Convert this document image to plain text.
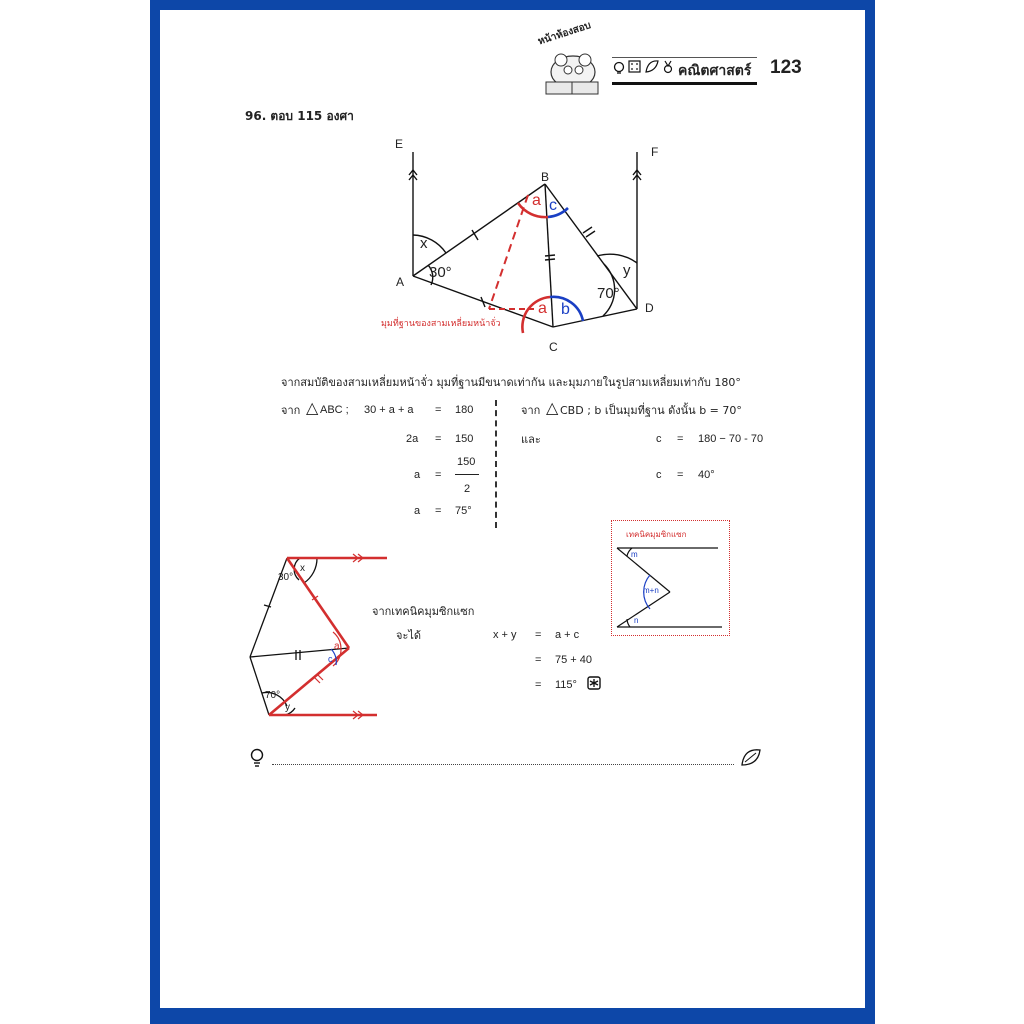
หน้าห้องสอบ
คณิตศาสตร์ 123
96. ตอบ 115 องศา
E
F
B
A
C
D
x
30°
a c
a b
y
70°
มุมที่ฐานของสามเหลี่ยมหน้าจั่ว
จากสมบัติของสามเหลี่ยมหน้าจั่ว มุมที่ฐานมีขนาดเท่ากัน และมุมภายในรูปสามเหลี่ยมเท่ากับ 180°
จาก △ ABC ; 30 + a + a = 180
2a = 150
a =
150
2
a = 75°
จาก △ CBD ; b เป็นมุมที่ฐาน ดังนั้น b = 70°
และ	c = 180 − 70 - 70
c = 40°
x
30°
a
c
70°
y
เทคนิคมุมซิกแซก
m
m+n
n
จากเทคนิคมุมซิกแซก
จะได้	x + y = a + c
= 75 + 40
= 115°
